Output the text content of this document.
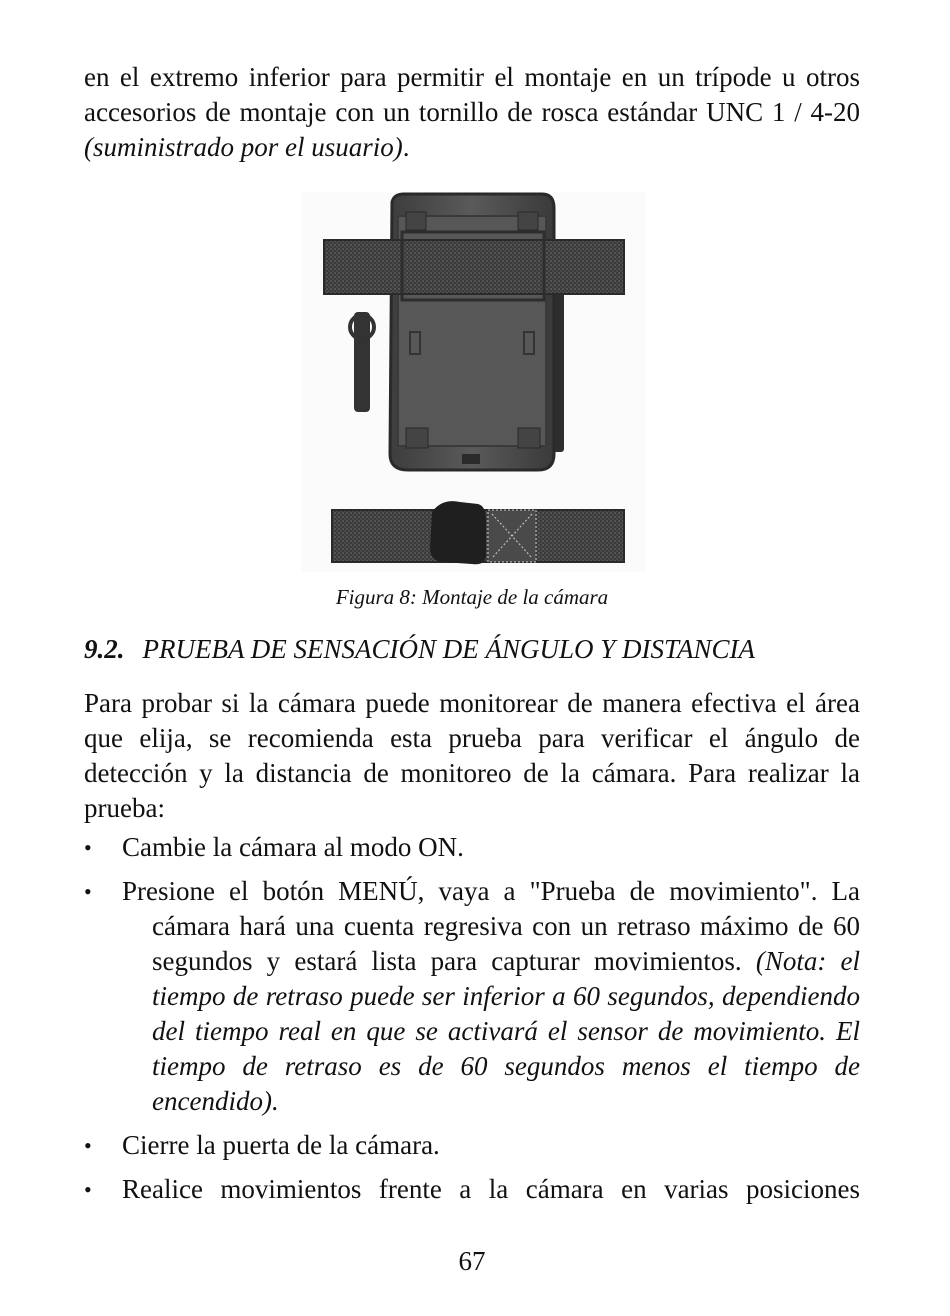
en el extremo inferior para permitir el montaje en un trípode u otros accesorios de montaje con un tornillo de rosca estándar UNC 1 / 4-20 (suministrado por el usuario).

Figura 8: Montaje de la cámara
9.2. PRUEBA DE SENSACIÓN DE ÁNGULO Y DISTANCIA

Para probar si la cámara puede monitorear de manera efectiva el área que elija, se recomienda esta prueba para verificar el ángulo de detección y la distancia de monitoreo de la cámara. Para realizar la prueba:

•	Cambie la cámara al modo ON.
•	Presione el botón MENÚ, vaya a "Prueba de movimiento". La cámara hará una cuenta regresiva con un retraso máximo de 60 segundos y estará lista para capturar movimientos. (Nota: el tiempo de retraso puede ser inferior a 60 segundos, dependiendo del tiempo real en que se activará el sensor de movimiento. El tiempo de retraso es de 60 segundos menos el tiempo de encendido).
•	Cierre la puerta de la cámara.
•	Realice movimientos frente a la cámara en varias posiciones
67
